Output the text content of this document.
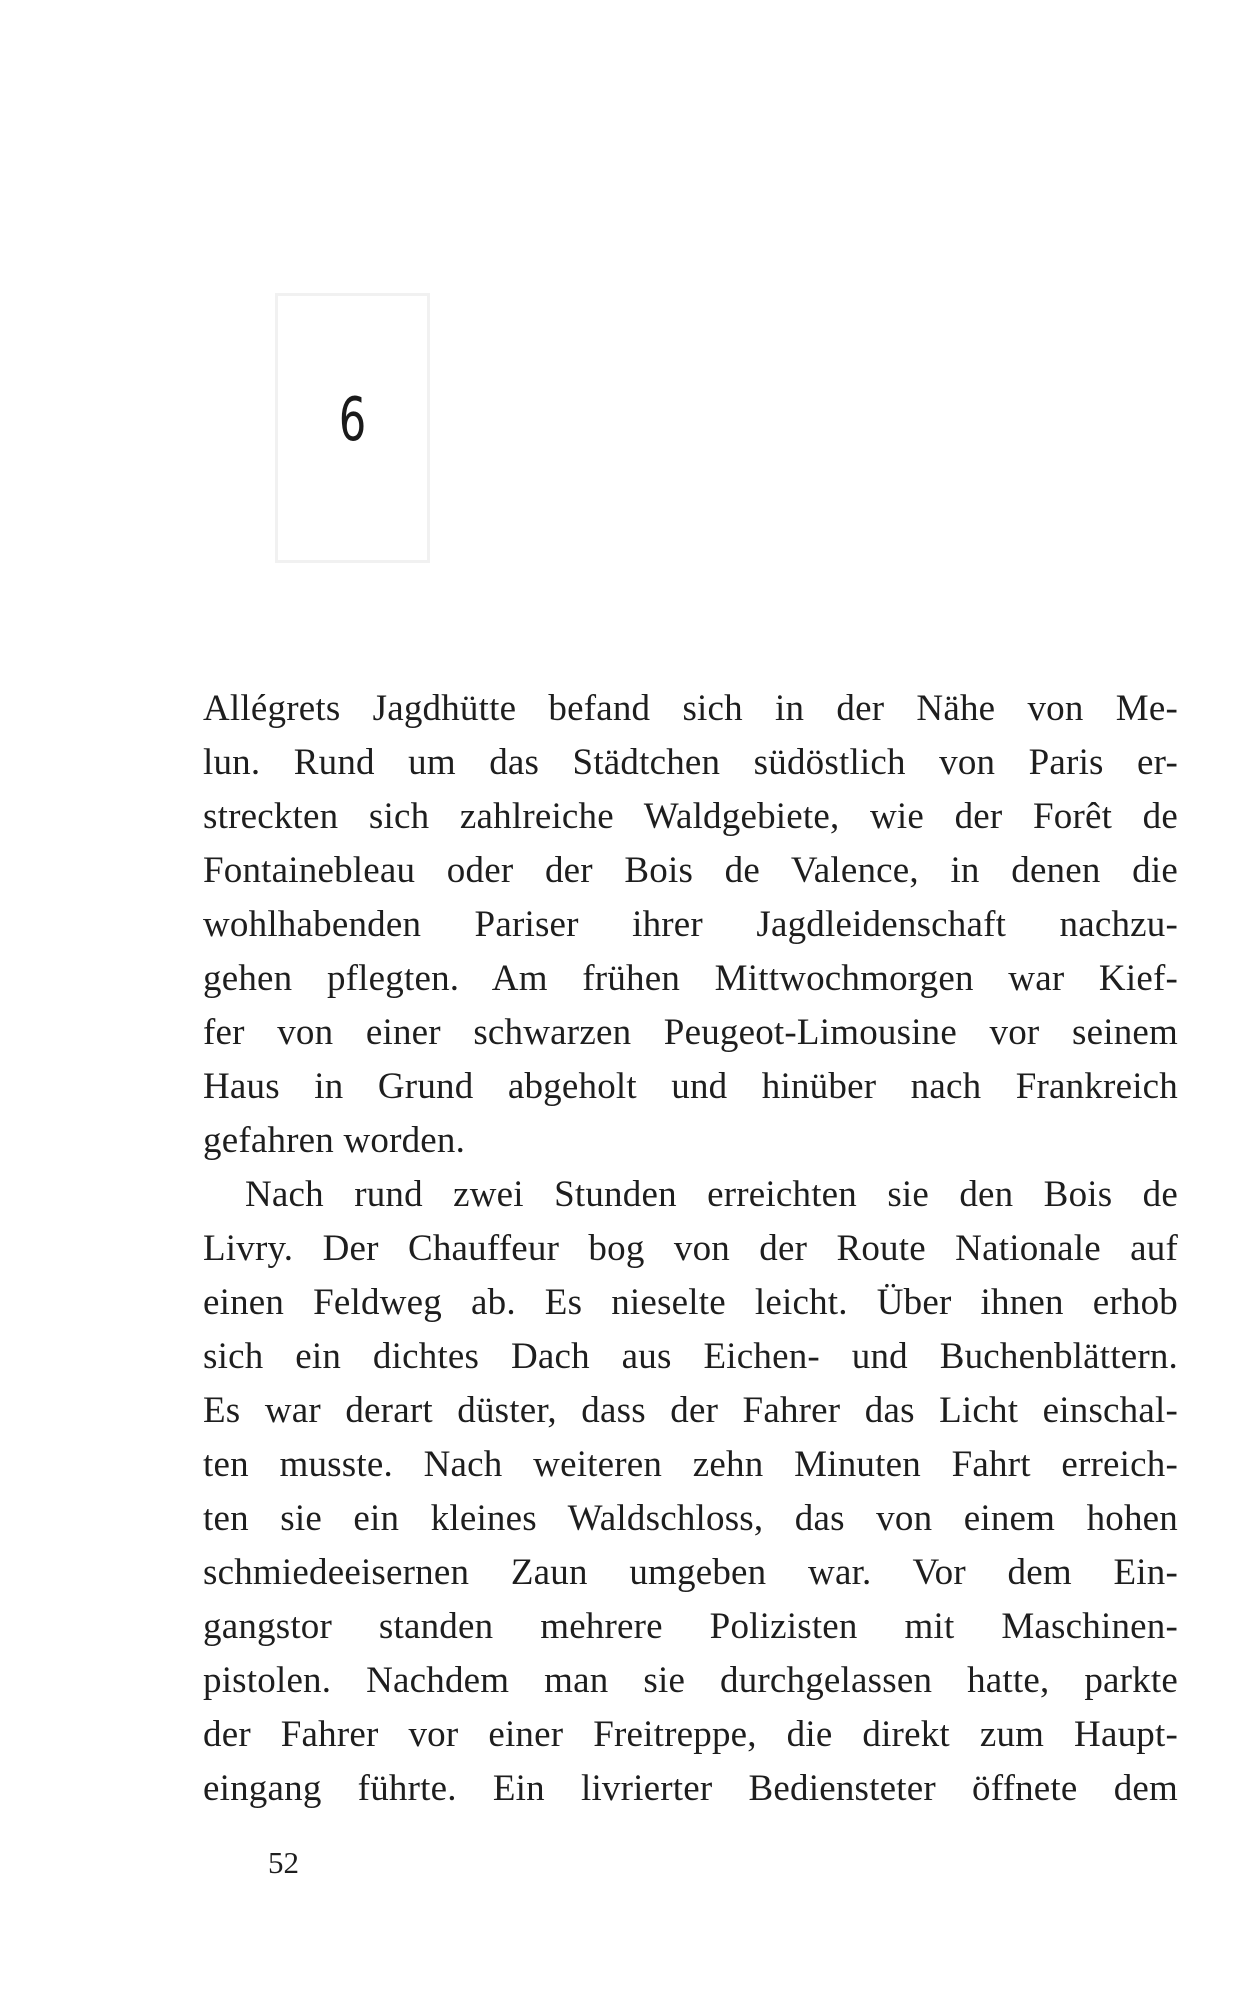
6
Allégrets Jagdhütte befand sich in der Nähe von Me-
lun. Rund um das Städtchen südöstlich von Paris er-
streckten sich zahlreiche Waldgebiete, wie der Forêt de
Fontainebleau oder der Bois de Valence, in denen die
wohlhabenden Pariser ihrer Jagdleidenschaft nachzu-
gehen pflegten. Am frühen Mittwochmorgen war Kief-
fer von einer schwarzen Peugeot-Limousine vor seinem
Haus in Grund abgeholt und hinüber nach Frankreich
gefahren worden.
Nach rund zwei Stunden erreichten sie den Bois de
Livry. Der Chauffeur bog von der Route Nationale auf
einen Feldweg ab. Es nieselte leicht. Über ihnen erhob
sich ein dichtes Dach aus Eichen- und Buchenblättern.
Es war derart düster, dass der Fahrer das Licht einschal-
ten musste. Nach weiteren zehn Minuten Fahrt erreich-
ten sie ein kleines Waldschloss, das von einem hohen
schmiedeeisernen Zaun umgeben war. Vor dem Ein-
gangstor standen mehrere Polizisten mit Maschinen-
pistolen. Nachdem man sie durchgelassen hatte, parkte
der Fahrer vor einer Freitreppe, die direkt zum Haupt-
eingang führte. Ein livrierter Bediensteter öffnete dem
52
